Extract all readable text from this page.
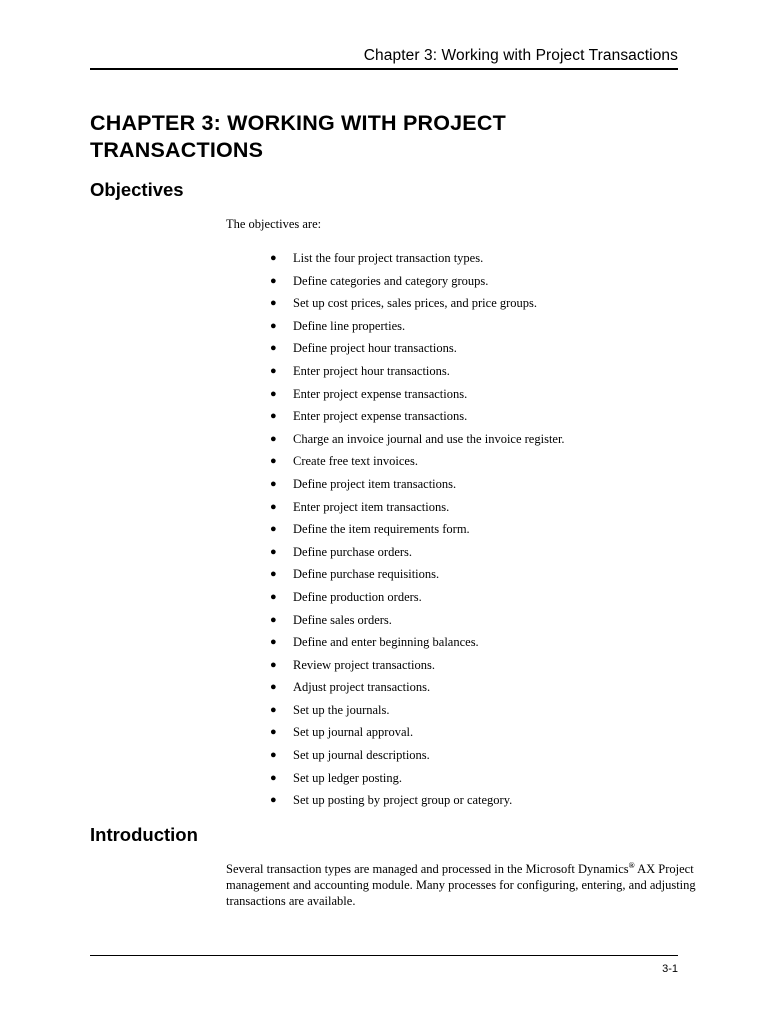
Chapter 3: Working with Project Transactions
CHAPTER 3: WORKING WITH PROJECT TRANSACTIONS
Objectives
The objectives are:
● List the four project transaction types.
● Define categories and category groups.
● Set up cost prices, sales prices, and price groups.
● Define line properties.
● Define project hour transactions.
● Enter project hour transactions.
● Enter project expense transactions.
● Enter project expense transactions.
● Charge an invoice journal and use the invoice register.
● Create free text invoices.
● Define project item transactions.
● Enter project item transactions.
● Define the item requirements form.
● Define purchase orders.
● Define purchase requisitions.
● Define production orders.
● Define sales orders.
● Define and enter beginning balances.
● Review project transactions.
● Adjust project transactions.
● Set up the journals.
● Set up journal approval.
● Set up journal descriptions.
● Set up ledger posting.
● Set up posting by project group or category.
Introduction
Several transaction types are managed and processed in the Microsoft Dynamics® AX Project management and accounting module. Many processes for configuring, entering, and adjusting transactions are available.
3-1
